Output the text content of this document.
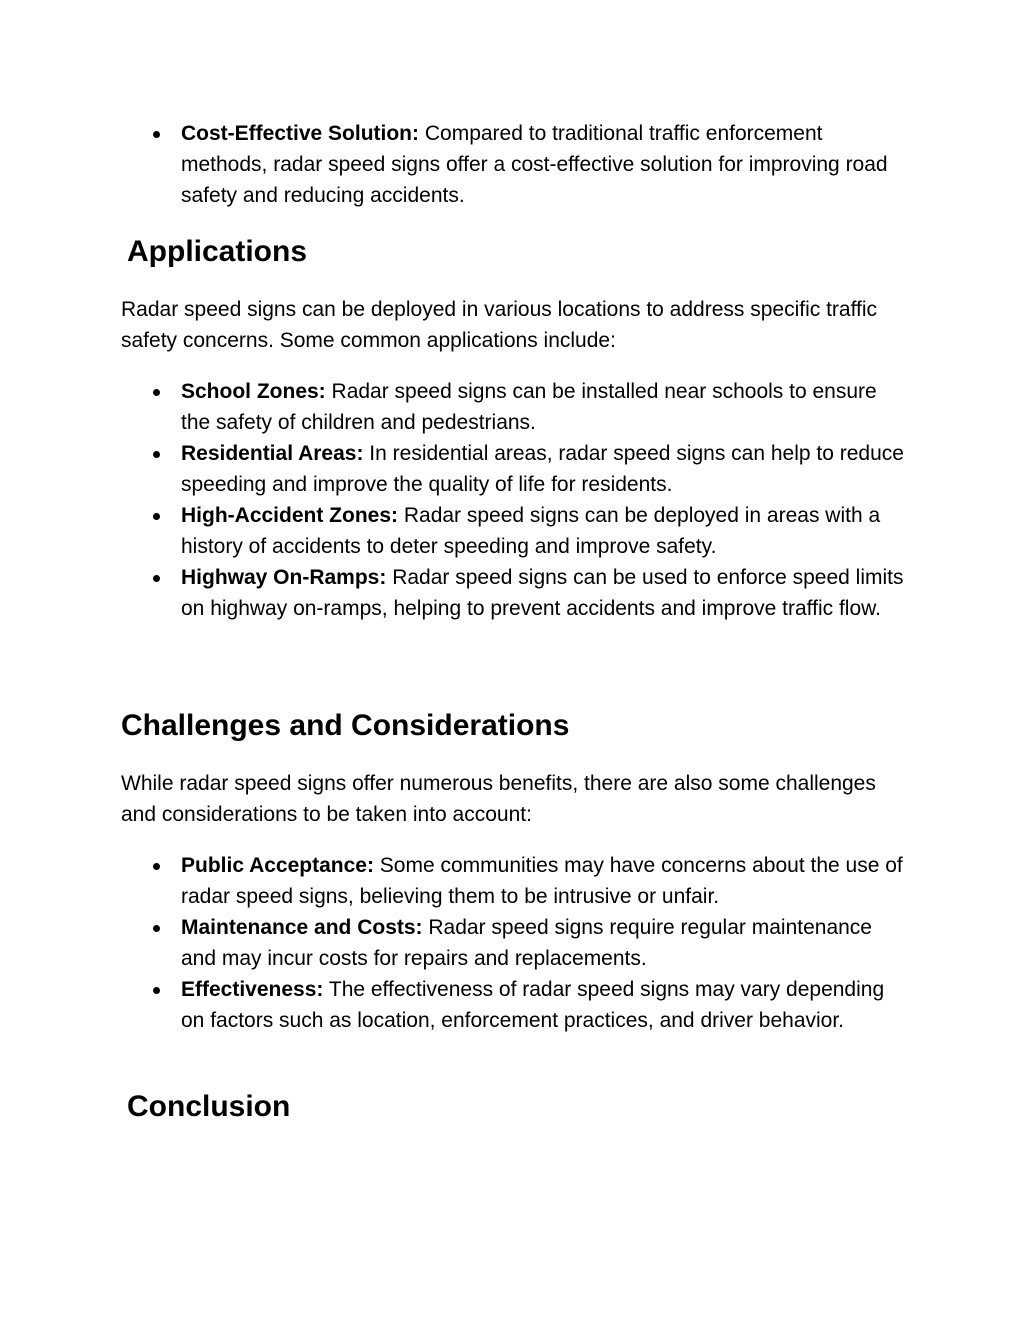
Cost-Effective Solution: Compared to traditional traffic enforcement methods, radar speed signs offer a cost-effective solution for improving road safety and reducing accidents.
Applications

Radar speed signs can be deployed in various locations to address specific traffic safety concerns. Some common applications include:

School Zones: Radar speed signs can be installed near schools to ensure the safety of children and pedestrians.
Residential Areas: In residential areas, radar speed signs can help to reduce speeding and improve the quality of life for residents.
High-Accident Zones: Radar speed signs can be deployed in areas with a history of accidents to deter speeding and improve safety.
Highway On-Ramps: Radar speed signs can be used to enforce speed limits on highway on-ramps, helping to prevent accidents and improve traffic flow.
Challenges and Considerations

While radar speed signs offer numerous benefits, there are also some challenges and considerations to be taken into account:

Public Acceptance: Some communities may have concerns about the use of radar speed signs, believing them to be intrusive or unfair.
Maintenance and Costs: Radar speed signs require regular maintenance and may incur costs for repairs and replacements.
Effectiveness: The effectiveness of radar speed signs may vary depending on factors such as location, enforcement practices, and driver behavior.
Conclusion
